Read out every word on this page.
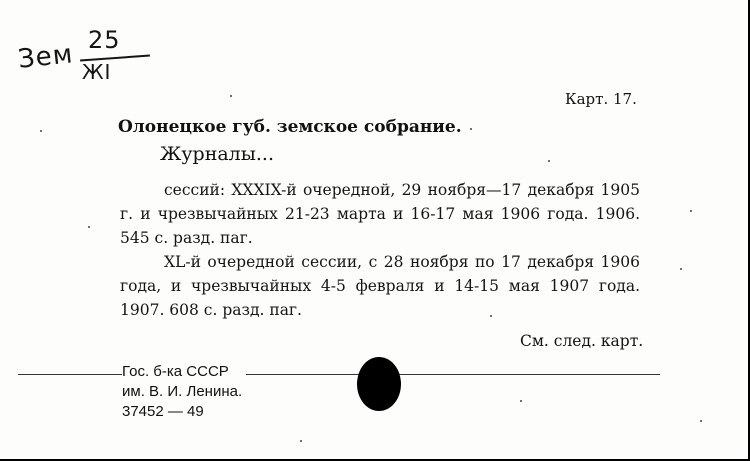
Зем 25
ЖI
Карт. 17.
Олонецкое губ. земское собрание.
Журналы...
сессий: XXXIX-й очередной, 29 ноября—17 декабря 1905 г. и чрезвычайных 21-23 марта и 16-17 мая 1906 года. 1906. 545 с. разд. паг.
XL-й очередной сессии, с 28 ноября по 17 декабря 1906 года, и чрезвычайных 4-5 февраля и 14-15 мая 1907 года. 1907. 608 с. разд. паг.
См. след. карт.
Гос. б-ка СССР
им. В. И. Ленина.
37452 — 49
